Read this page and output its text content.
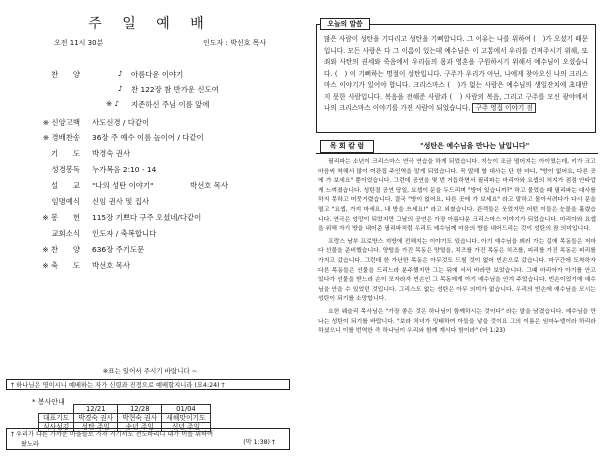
주 일 예 배
오전 11시 30분	인도자 : 박선호 목사
찬　　양	♪ 아름다운 이야기
♪ 찬 122장 참 반가운 신도여
※ ♪ 지존하신 주님 이름 앞에
※ 신앙고백 사도신경 / 다같이
※ 경배찬송 36장 주 예수 이름 높이어 / 다같이
기　　도 박경숙 권사
성경봉독 누가복음 2:10 - 14
설　　교 "나의 성탄 이야기"	박선호 목사
임명예식 신임 권사 및 집사
※ 봉　　헌 115장 기쁘다 구주 오셨네/다같이
교회소식 인도자 / 축복합니다
※ 찬　　양 636장 주기도문
※ 축　　도 박선호 목사
※표는 일어서 주시기 바랍니다 ~
† 하나님은 영이시니 예배하는 자가 신령과 진정으로 예배할지니라 (요4:24) †
* 봉사안내
	12/21	12/28	01/04
대표기도	박경숙 권사	박현숙 권사	새해맞이기도
식사섬김	성탄 주일	송년 주일	신년 주일
† 우리가 다른 가까운 마을들로 가자 거기서도 전도하리니 내가 이를 위하여
왔노라	(막 1:38) †
오늘의 말씀
많은 사람이 성탄을 기다리고 성탄을 기뻐합니다. 그 이유는 나를 위하여 (　)가 오셨기 때문입니다. 모든 사람은 다 그 이름이 있는데 예수님은 이 고통에서 우리를 건져주시기 위해, 또 죄와 사탄의 권세와 죽음에서 우리들의 몸과 영혼을 구원하시기 위해서 예수님이 오셨습니다. (　) 이 기뻐하는 명절이 성탄입니다. 구주가 우리가 아닌, 나에게 찾아오신 나의 크리스마스 이야기가 있어야 합니다. 크리스마스 (　)가 없는 사람은 예수님의 생일잔치에 초대받지 못한 사람입니다. 복음을 전해준 사람과 (　) 사람의 복음, 그리고 구주를 모신 광야에서 나의 크리스마스 이야기를 가진 사람이 되었습니다. 구주 영접 이야기 점
목 회 칼 럼	"성탄은 예수님을 만나는 날입니다"

필리파는 소년이 크리스마스 연극 연습을 하게 되었습니다. 지능이 조금 떨어지는 아이였는데, 키가 크고 마음씨 착해서 많이 여관집 주인역을 맡게 되었습니다. 꼭 말해 할 대사는 단 한 마디, "방이 없어요, 다른 곳에 가 보세요" 뿐이었습니다. 그런데 공연을 몇 번 거듭하면서 필리파는 마리아와 요셉의 처지가 점점 안타깝게 느껴졌습니다. 성탄절 공연 당일, 요셉이 문을 두드리며 "방이 있습니까?" 하고 물었을 때 필리파는 대사를 하지 못하고 머뭇거렸습니다. 결국 "방이 없어요, 다른 곳에 가 보세요" 라고 말하고 돌아서려다가 다시 문을 열고 "요셉, 가지 마세요. 내 방을 쓰세요!" 라고 외쳤습니다. 관객들은 웃었지만 어떤 이들은 눈물을 흘렸습니다. 연극은 엉망이 되었지만 그날의 공연은 가장 아름다운 크리스마스 이야기가 되었습니다. 마리아와 요셉을 위해 자기 방을 내어준 필리파처럼 우리도 예수님께 마음의 방을 내어드리는 것이 성탄의 참 의미입니다.

프랑스 남부 프로방스 지방에 전해지는 이야기도 있습니다. 아기 예수님을 뵈러 가는 길에 목동들은 저마다 선물을 준비했습니다. 양털을 가진 목동은 양털을, 치즈를 가진 목동은 치즈를, 피리를 가진 목동은 피리를 가지고 갔습니다. 그런데 한 가난한 목동은 아무것도 드릴 것이 없어 빈손으로 갔습니다. 마구간에 도착하자 다른 목동들은 선물을 드리느라 분주했지만 그는 뒤에 서서 바라만 보았습니다. 그때 마리아가 아기를 안고 있다가 선물을 받느라 손이 모자라자 빈손인 그 목동에게 아기 예수님을 안겨 주었습니다. 빈손이었기에 예수님을 안을 수 있었던 것입니다. 그리스도 없는 성탄은 아무 의미가 없습니다. 우리의 빈손에 예수님을 모시는 성탄이 되기를 소망합니다.

요한 웨슬리 목사님은 "가장 좋은 것은 하나님이 함께하시는 것이다" 라는 말을 남겼습니다. 예수님을 만나는 성탄이 되기를 바랍니다. "보라 처녀가 잉태하여 아들을 낳을 것이요 그의 이름은 임마누엘이라 하리라 하셨으니 이를 번역한 즉 하나님이 우리와 함께 계시다 함이라" (마 1:23)
